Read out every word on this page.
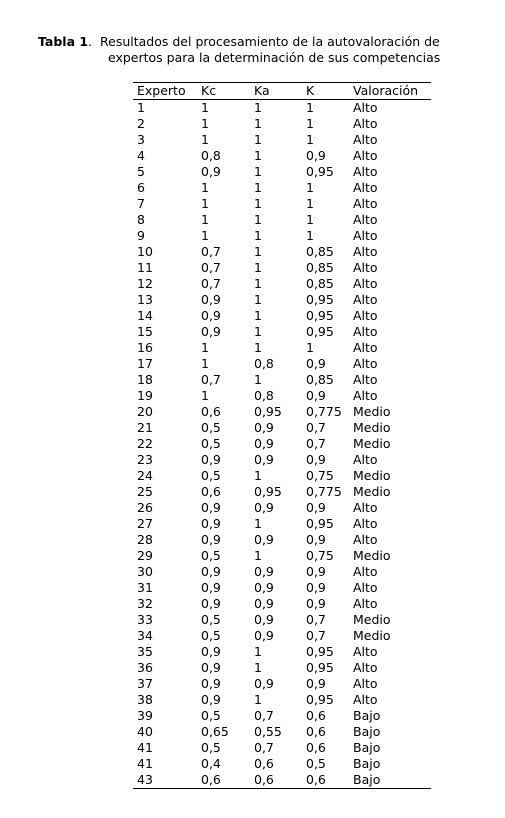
Tabla 1. Resultados del procesamiento de la autovaloración de
expertos para la determinación de sus competencias
Experto	Kc	Ka	K	Valoración
1	1	1	1	Alto
2	1	1	1	Alto
3	1	1	1	Alto
4	0,8	1	0,9	Alto
5	0,9	1	0,95	Alto
6	1	1	1	Alto
7	1	1	1	Alto
8	1	1	1	Alto
9	1	1	1	Alto
10	0,7	1	0,85	Alto
11	0,7	1	0,85	Alto
12	0,7	1	0,85	Alto
13	0,9	1	0,95	Alto
14	0,9	1	0,95	Alto
15	0,9	1	0,95	Alto
16	1	1	1	Alto
17	1	0,8	0,9	Alto
18	0,7	1	0,85	Alto
19	1	0,8	0,9	Alto
20	0,6	0,95	0,775	Medio
21	0,5	0,9	0,7	Medio
22	0,5	0,9	0,7	Medio
23	0,9	0,9	0,9	Alto
24	0,5	1	0,75	Medio
25	0,6	0,95	0,775	Medio
26	0,9	0,9	0,9	Alto
27	0,9	1	0,95	Alto
28	0,9	0,9	0,9	Alto
29	0,5	1	0,75	Medio
30	0,9	0,9	0,9	Alto
31	0,9	0,9	0,9	Alto
32	0,9	0,9	0,9	Alto
33	0,5	0,9	0,7	Medio
34	0,5	0,9	0,7	Medio
35	0,9	1	0,95	Alto
36	0,9	1	0,95	Alto
37	0,9	0,9	0,9	Alto
38	0,9	1	0,95	Alto
39	0,5	0,7	0,6	Bajo
40	0,65	0,55	0,6	Bajo
41	0,5	0,7	0,6	Bajo
41	0,4	0,6	0,5	Bajo
43	0,6	0,6	0,6	Bajo
